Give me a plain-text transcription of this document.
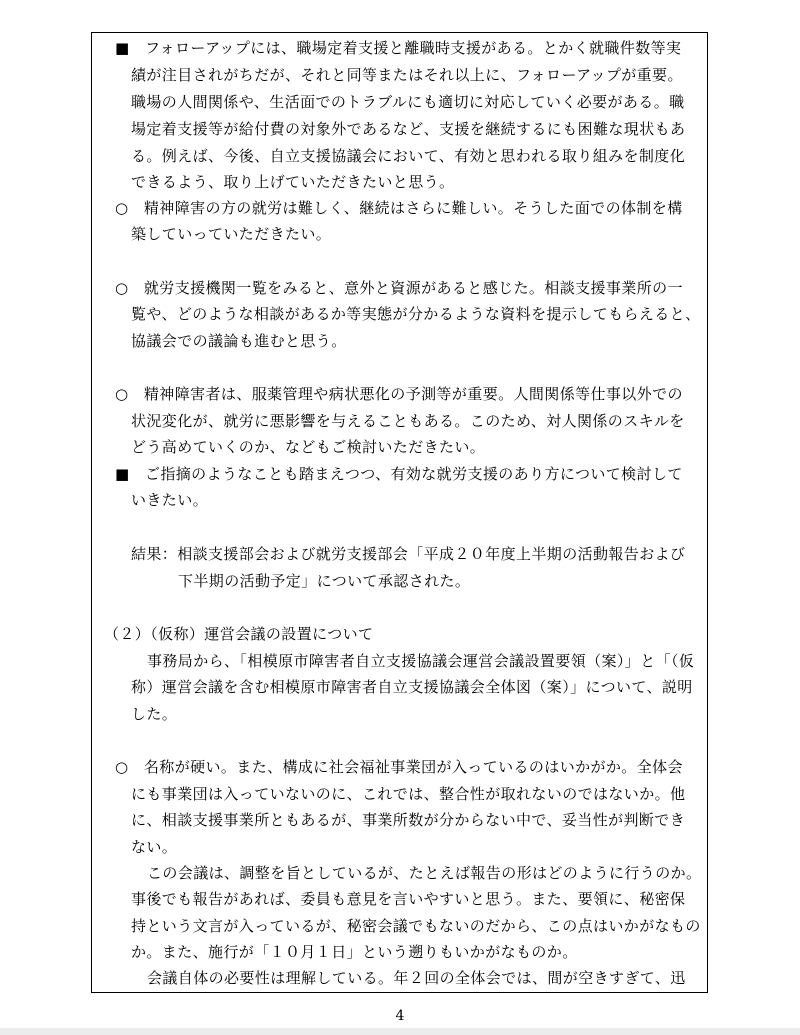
■　フォローアップには、職場定着支援と離職時支援がある。とかく就職件数等実
績が注目されがちだが、それと同等またはそれ以上に、フォローアップが重要。
職場の人間関係や、生活面でのトラブルにも適切に対応していく必要がある。職
場定着支援等が給付費の対象外であるなど、支援を継続するにも困難な現状もあ
る。例えば、今後、自立支援協議会において、有効と思われる取り組みを制度化
できるよう、取り上げていただきたいと思う。
○　精神障害の方の就労は難しく、継続はさらに難しい。そうした面での体制を構
築していっていただきたい。
○　就労支援機関一覧をみると、意外と資源があると感じた。相談支援事業所の一
覧や、どのような相談があるか等実態が分かるような資料を提示してもらえると、
協議会での議論も進むと思う。
○　精神障害者は、服薬管理や病状悪化の予測等が重要。人間関係等仕事以外での
状況変化が、就労に悪影響を与えることもある。このため、対人関係のスキルを
どう高めていくのか、などもご検討いただきたい。
■　ご指摘のようなことも踏まえつつ、有効な就労支援のあり方について検討して
いきたい。
結果：相談支援部会および就労支援部会「平成２０年度上半期の活動報告および
下半期の活動予定」について承認された。
（２）（仮称）運営会議の設置について
事務局から、「相模原市障害者自立支援協議会運営会議設置要領（案）」と「（仮
称）運営会議を含む相模原市障害者自立支援協議会全体図（案）」について、説明
した。
○　名称が硬い。また、構成に社会福祉事業団が入っているのはいかがか。全体会
にも事業団は入っていないのに、これでは、整合性が取れないのではないか。他
に、相談支援事業所ともあるが、事業所数が分からない中で、妥当性が判断でき
ない。
この会議は、調整を旨としているが、たとえば報告の形はどのように行うのか。
事後でも報告があれば、委員も意見を言いやすいと思う。また、要領に、秘密保
持という文言が入っているが、秘密会議でもないのだから、この点はいかがなもの
か。また、施行が「１０月１日」という遡りもいかがなものか。
会議自体の必要性は理解している。年２回の全体会では、間が空きすぎて、迅
4
